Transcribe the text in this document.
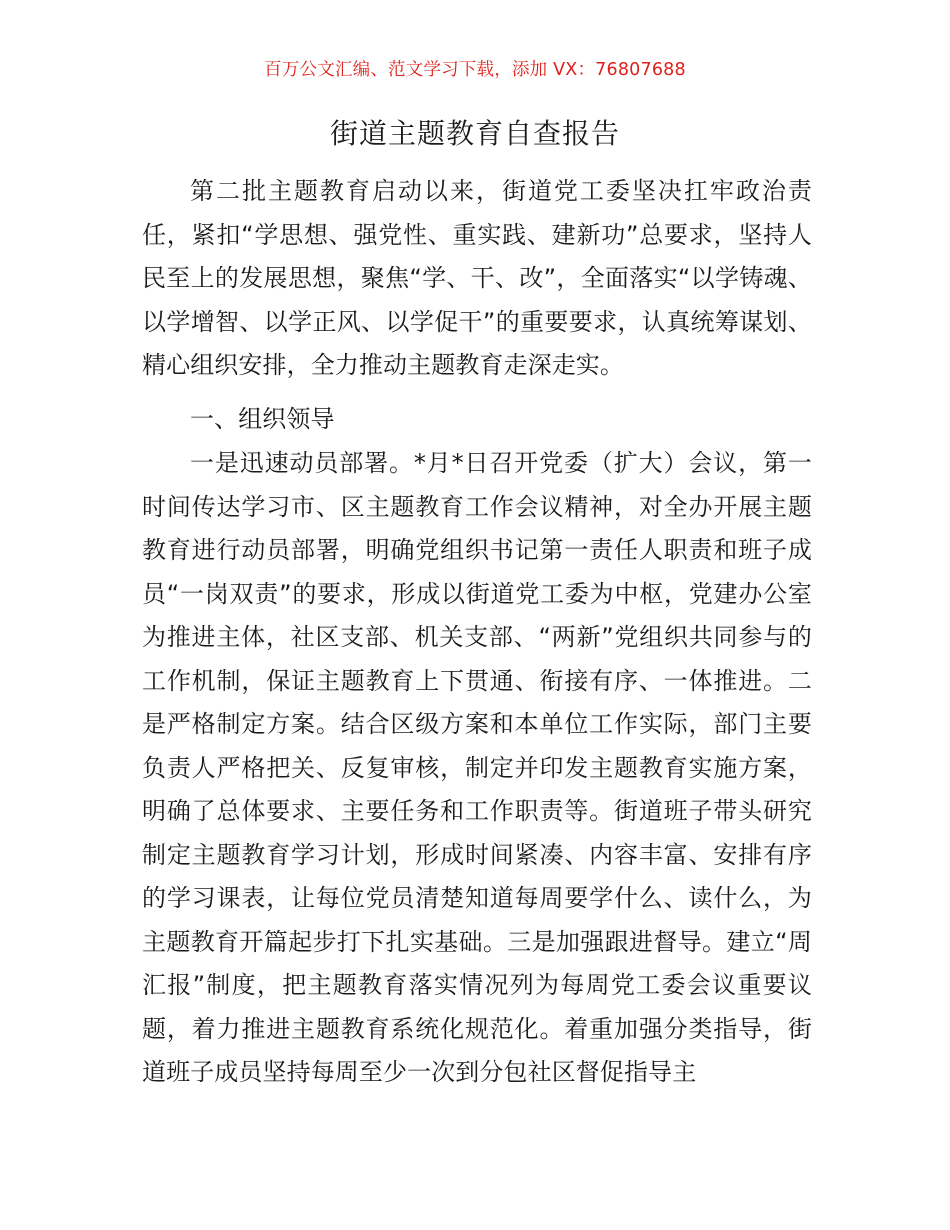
百万公文汇编、范文学习下载，添加 VX：76807688
街道主题教育自查报告

第二批主题教育启动以来，街道党工委坚决扛牢政治责任，紧扣“学思想、强党性、重实践、建新功”总要求，坚持人民至上的发展思想，聚焦“学、干、改”，全面落实“以学铸魂、以学增智、以学正风、以学促干”的重要要求，认真统筹谋划、精心组织安排，全力推动主题教育走深走实。

一、组织领导

一是迅速动员部署。*月*日召开党委（扩大）会议，第一时间传达学习市、区主题教育工作会议精神，对全办开展主题教育进行动员部署，明确党组织书记第一责任人职责和班子成员“一岗双责”的要求，形成以街道党工委为中枢，党建办公室为推进主体，社区支部、机关支部、“两新”党组织共同参与的工作机制，保证主题教育上下贯通、衔接有序、一体推进。二是严格制定方案。结合区级方案和本单位工作实际，部门主要负责人严格把关、反复审核，制定并印发主题教育实施方案，明确了总体要求、主要任务和工作职责等。街道班子带头研究制定主题教育学习计划，形成时间紧凑、内容丰富、安排有序的学习课表，让每位党员清楚知道每周要学什么、读什么，为主题教育开篇起步打下扎实基础。三是加强跟进督导。建立“周汇报”制度，把主题教育落实情况列为每周党工委会议重要议题，着力推进主题教育系统化规范化。着重加强分类指导，街道班子成员坚持每周至少一次到分包社区督促指导主
